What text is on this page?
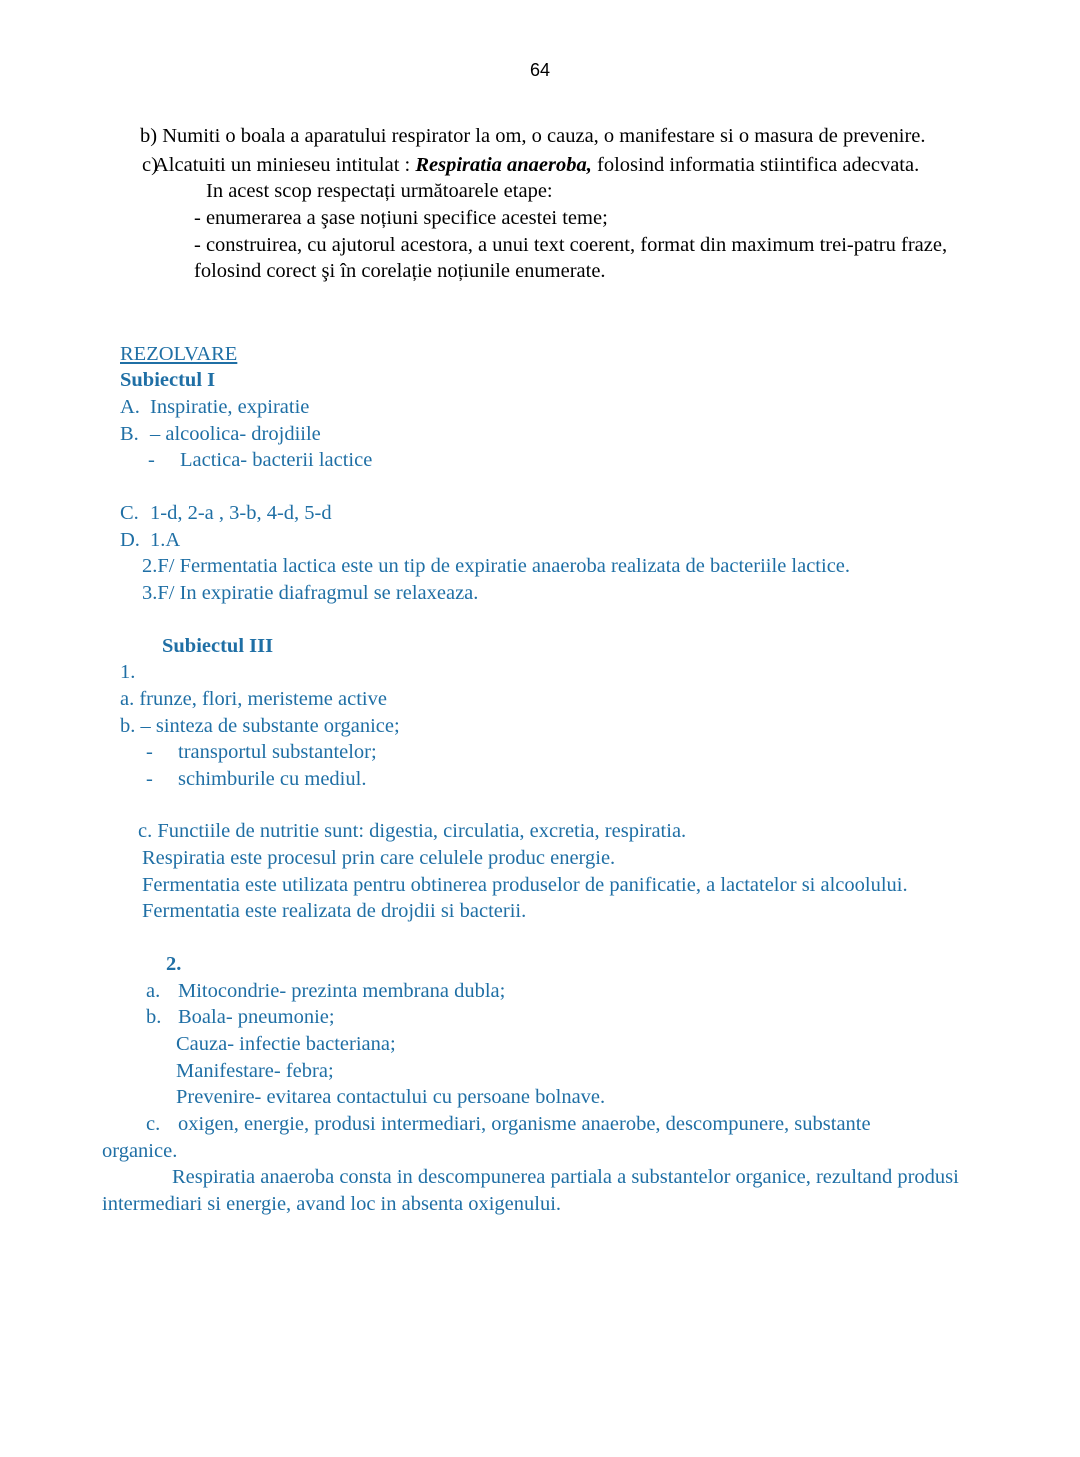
64

b) Numiti o boala a aparatului respirator la om, o cauza, o manifestare si o masura de prevenire.

c)

Alcatuiti un minieseu intitulat : Respiratia anaeroba, folosind informatia stiintifica adecvata.

In acest scop respectați următoarele etape:

- enumerarea a şase noțiuni specifice acestei teme;

- construirea, cu ajutorul acestora, a unui text coerent, format din maximum trei-patru fraze, folosind corect şi în corelație noțiunile enumerate.

REZOLVARE

Subiectul I

A. Inspiratie, expiratie
B. – alcoolica- drojdiile
-	Lactica- bacterii lactice
C. 1-d, 2-a , 3-b, 4-d, 5-d
D. 1.A

2.F/ Fermentatia lactica este un tip de expiratie anaeroba realizata de bacteriile lactice.

3.F/ In expiratie diafragmul se relaxeaza.

Subiectul III

1.

a. frunze, flori, meristeme active

b. – sinteza de substante organice;

-	transportul substantelor;
-	schimburile cu mediul.

c. Functiile de nutritie sunt: digestia, circulatia, excretia, respiratia.

Respiratia este procesul prin care celulele produc energie.

Fermentatia este utilizata pentru obtinerea produselor de panificatie, a lactatelor si alcoolului.

Fermentatia este realizata de drojdii si bacterii.

2.

a. Mitocondrie- prezinta membrana dubla;
b. Boala- pneumonie;

Cauza- infectie bacteriana;

Manifestare- febra;

Prevenire- evitarea contactului cu persoane bolnave.

c. oxigen, energie, produsi intermediari, organisme anaerobe, descompunere, substante

organice.

Respiratia anaeroba consta in descompunerea partiala a substantelor organice, rezultand produsi intermediari si energie, avand loc in absenta oxigenului.
